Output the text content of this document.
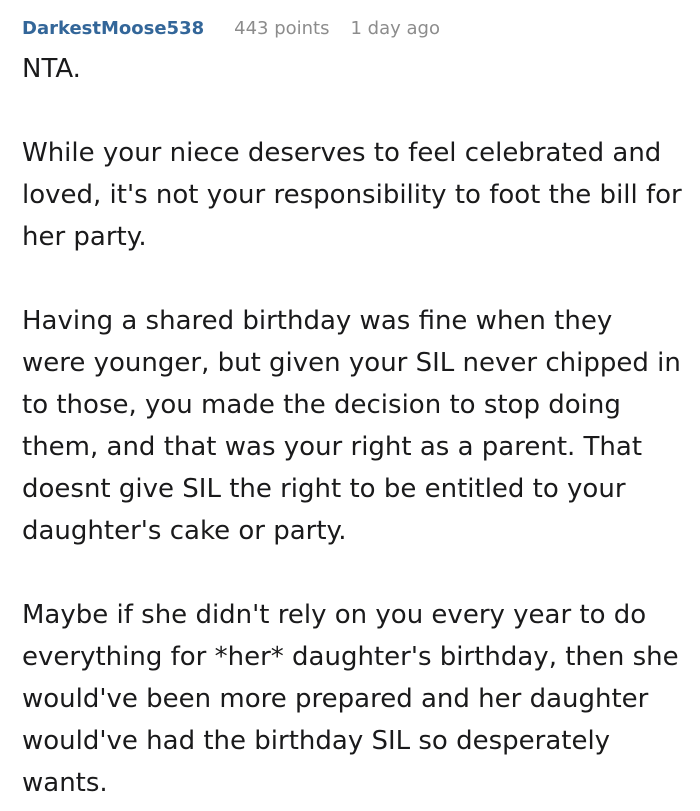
DarkestMoose538 443 points 1 day ago

NTA.

While your niece deserves to feel celebrated and loved, it's not your responsibility to foot the bill for her party.

Having a shared birthday was fine when they were younger, but given your SIL never chipped in to those, you made the decision to stop doing them, and that was your right as a parent. That doesnt give SIL the right to be entitled to your daughter's cake or party.

Maybe if she didn't rely on you every year to do everything for *her* daughter's birthday, then she would've been more prepared and her daughter would've had the birthday SIL so desperately wants.
